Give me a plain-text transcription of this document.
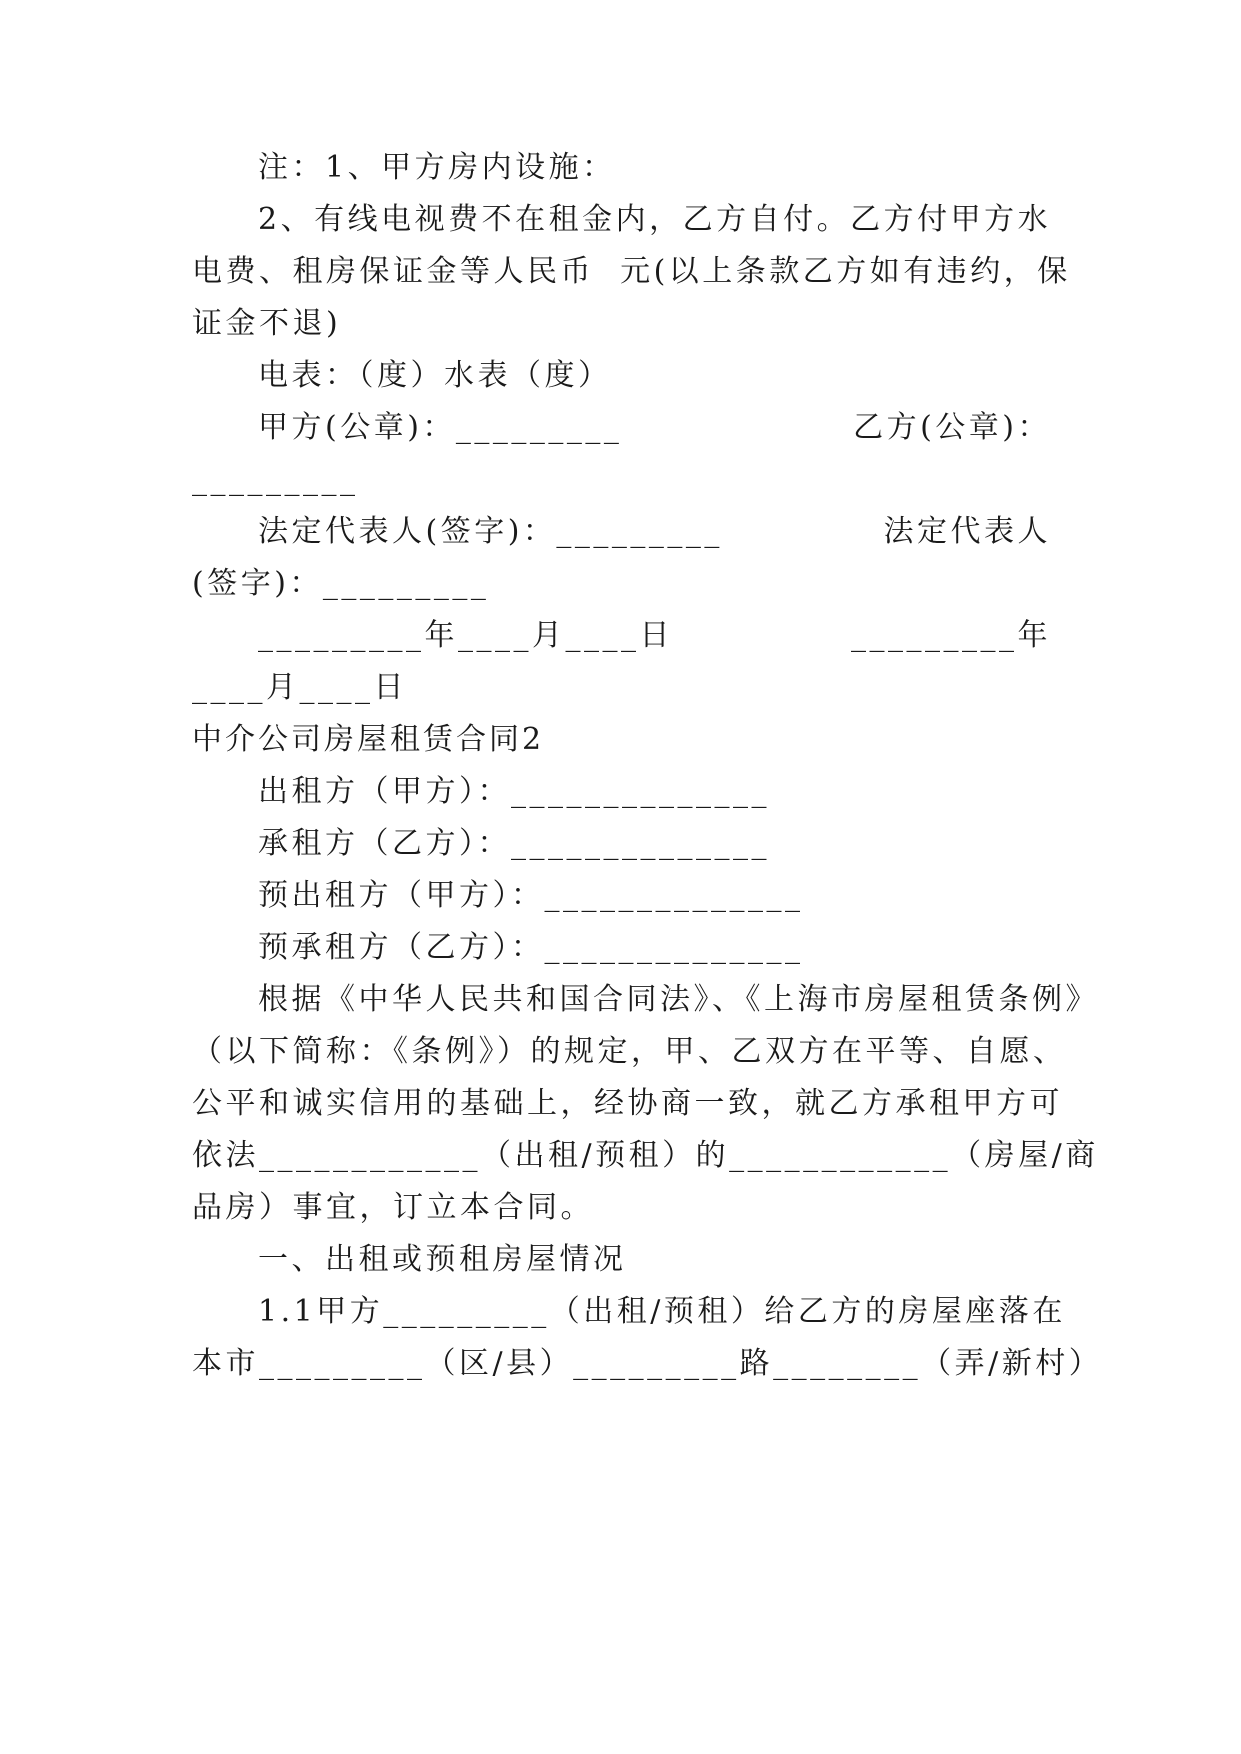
注：1、甲方房内设施：
2、有线电视费不在租金内，乙方自付。乙方付甲方水
电费、租房保证金等人民币  元(以上条款乙方如有违约，保
证金不退)
电表：（度）水表（度）
甲方(公章)：_________	乙方(公章)：
_________
法定代表人(签字)：_________	法定代表人
(签字)：_________
_________年____月____日	_________年
____月____日
中介公司房屋租赁合同2
出租方（甲方）：______________
承租方（乙方）：______________
预出租方（甲方）：______________
预承租方（乙方）：______________
根据《中华人民共和国合同法》、《上海市房屋租赁条例》
（以下简称：《条例》）的规定，甲、乙双方在平等、自愿、
公平和诚实信用的基础上，经协商一致，就乙方承租甲方可
依法____________（出租/预租）的____________（房屋/商
品房）事宜，订立本合同。
一、出租或预租房屋情况
1.1甲方_________（出租/预租）给乙方的房屋座落在
本市_________（区/县）_________路________（弄/新村）
